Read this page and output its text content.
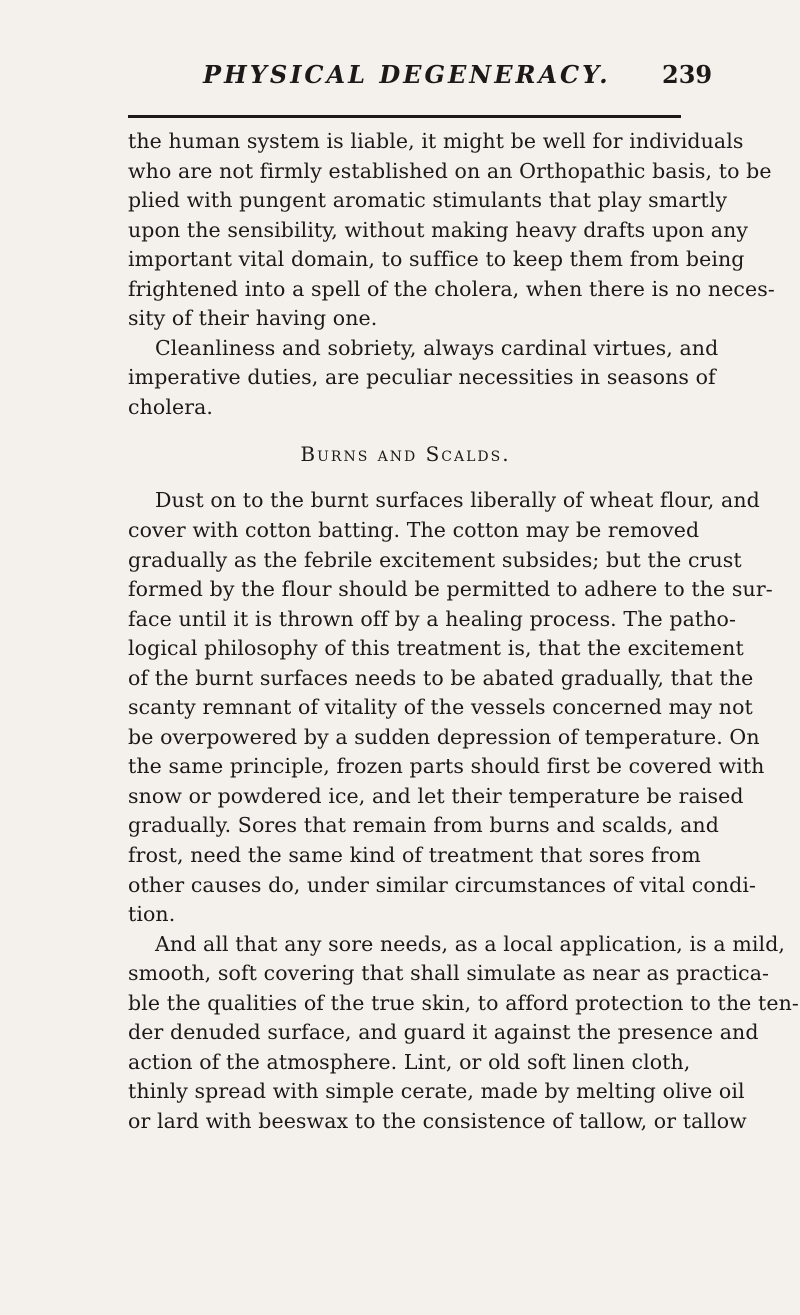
PHYSICAL DEGENERACY. 239
the human system is liable, it might be well for individuals
who are not firmly established on an Orthopathic basis, to be
plied with pungent aromatic stimulants that play smartly
upon the sensibility, without making heavy drafts upon any
important vital domain, to suffice to keep them from being
frightened into a spell of the cholera, when there is no neces-
sity of their having one.
Cleanliness and sobriety, always cardinal virtues, and
imperative duties, are peculiar necessities in seasons of
cholera.
Burns and Scalds.
Dust on to the burnt surfaces liberally of wheat flour, and
cover with cotton batting. The cotton may be removed
gradually as the febrile excitement subsides; but the crust
formed by the flour should be permitted to adhere to the sur-
face until it is thrown off by a healing process. The patho-
logical philosophy of this treatment is, that the excitement
of the burnt surfaces needs to be abated gradually, that the
scanty remnant of vitality of the vessels concerned may not
be overpowered by a sudden depression of temperature. On
the same principle, frozen parts should first be covered with
snow or powdered ice, and let their temperature be raised
gradually. Sores that remain from burns and scalds, and
frost, need the same kind of treatment that sores from
other causes do, under similar circumstances of vital condi-
tion.
And all that any sore needs, as a local application, is a mild,
smooth, soft covering that shall simulate as near as practica-
ble the qualities of the true skin, to afford protection to the ten-
der denuded surface, and guard it against the presence and
action of the atmosphere. Lint, or old soft linen cloth,
thinly spread with simple cerate, made by melting olive oil
or lard with beeswax to the consistence of tallow, or tallow
